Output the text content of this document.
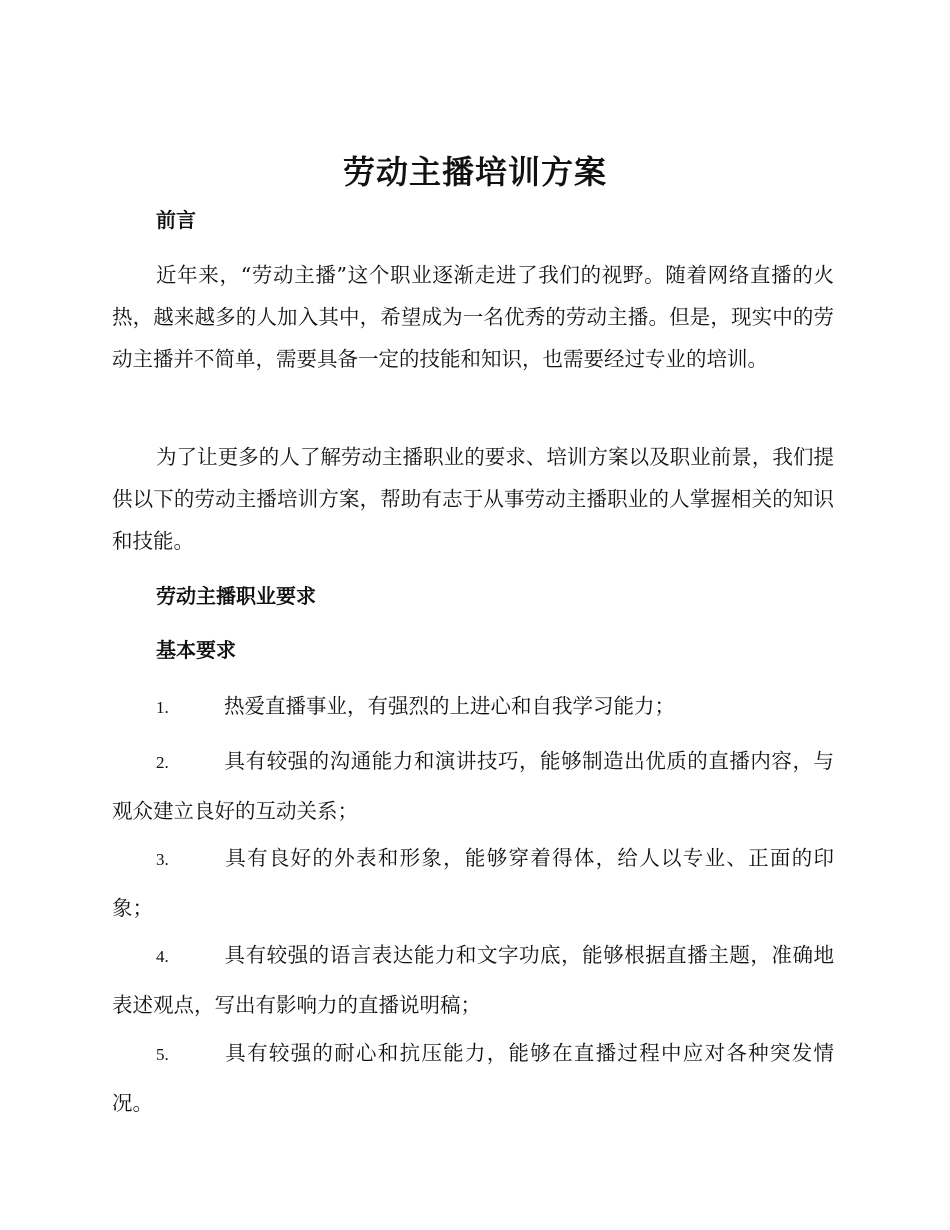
劳动主播培训方案
前言
近年来，“劳动主播”这个职业逐渐走进了我们的视野。随着网络直播的火热，越来越多的人加入其中，希望成为一名优秀的劳动主播。但是，现实中的劳动主播并不简单，需要具备一定的技能和知识，也需要经过专业的培训。
为了让更多的人了解劳动主播职业的要求、培训方案以及职业前景，我们提供以下的劳动主播培训方案，帮助有志于从事劳动主播职业的人掌握相关的知识和技能。
劳动主播职业要求
基本要求
1.	热爱直播事业，有强烈的上进心和自我学习能力；
2.	具有较强的沟通能力和演讲技巧，能够制造出优质的直播内容，与观众建立良好的互动关系；
3.	具有良好的外表和形象，能够穿着得体，给人以专业、正面的印象；
4.	具有较强的语言表达能力和文字功底，能够根据直播主题，准确地表述观点，写出有影响力的直播说明稿；
5.	具有较强的耐心和抗压能力，能够在直播过程中应对各种突发情况。
